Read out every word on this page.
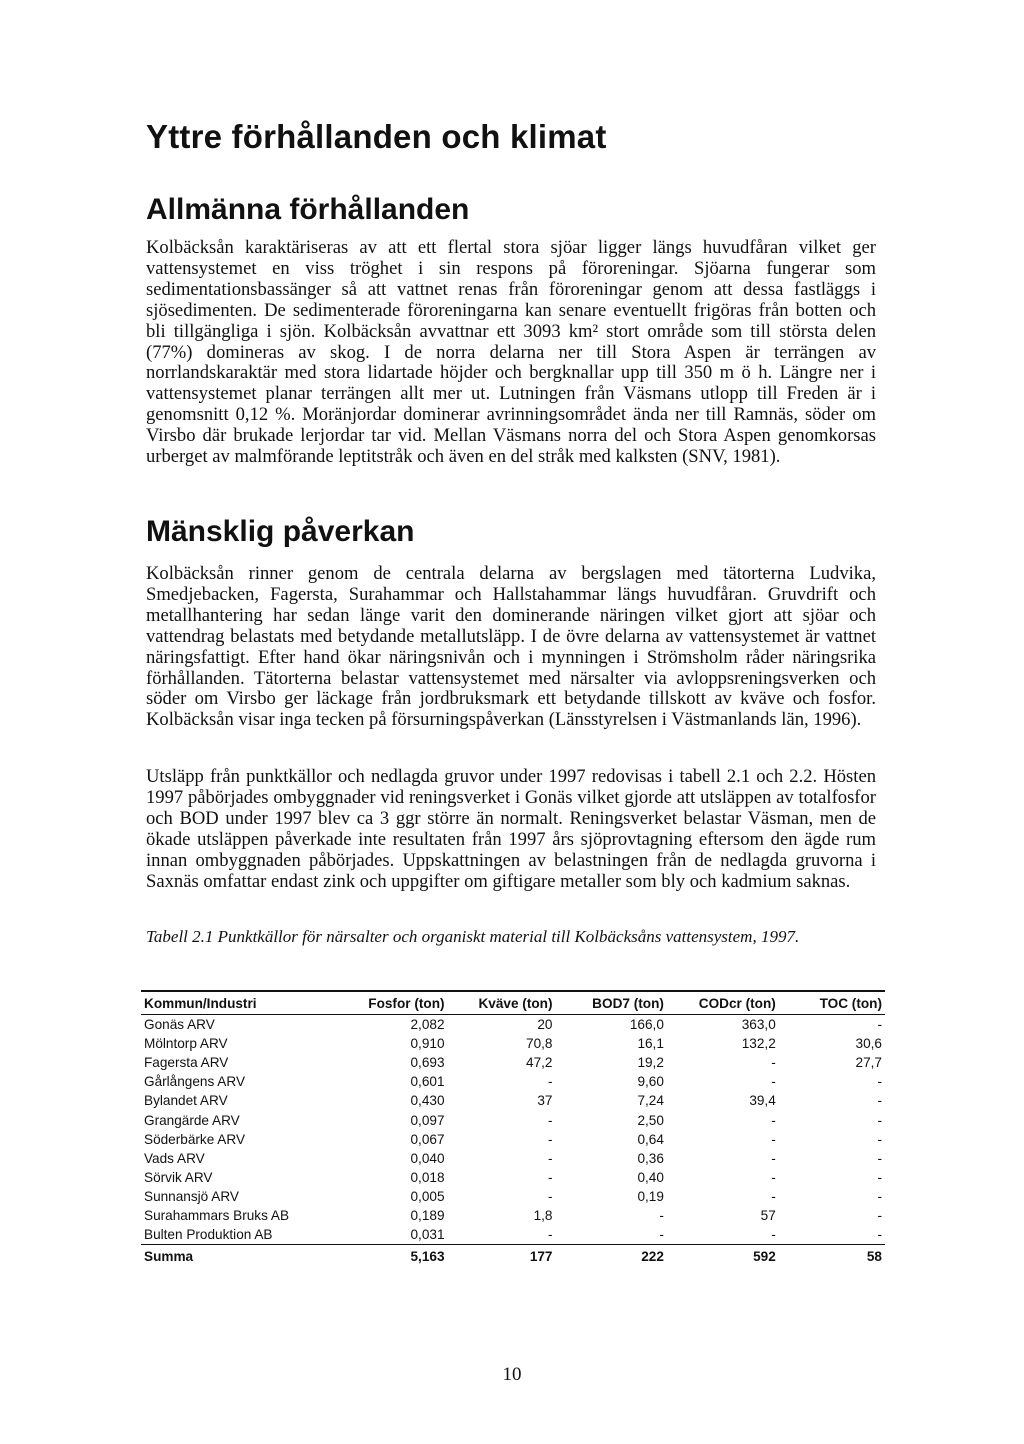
Yttre förhållanden och klimat
Allmänna förhållanden

Kolbäcksån karaktäriseras av att ett flertal stora sjöar ligger längs huvudfåran vilket ger vattensystemet en viss tröghet i sin respons på föroreningar. Sjöarna fungerar som sedimentationsbassänger så att vattnet renas från föroreningar genom att dessa fastläggs i sjösedimenten. De sedimenterade föroreningarna kan senare eventuellt frigöras från botten och bli tillgängliga i sjön. Kolbäcksån avvattnar ett 3093 km² stort område som till största delen (77%) domineras av skog. I de norra delarna ner till Stora Aspen är terrängen av norrlandskaraktär med stora lidartade höjder och bergknallar upp till 350 m ö h. Längre ner i vattensystemet planar terrängen allt mer ut. Lutningen från Väsmans utlopp till Freden är i genomsnitt 0,12 %. Moränjordar dominerar avrinningsområdet ända ner till Ramnäs, söder om Virsbo där brukade lerjordar tar vid. Mellan Väsmans norra del och Stora Aspen genomkorsas urberget av malmförande leptitstråk och även en del stråk med kalksten (SNV, 1981).

Mänsklig påverkan

Kolbäcksån rinner genom de centrala delarna av bergslagen med tätorterna Ludvika, Smedjebacken, Fagersta, Surahammar och Hallstahammar längs huvudfåran. Gruvdrift och metallhantering har sedan länge varit den dominerande näringen vilket gjort att sjöar och vattendrag belastats med betydande metallutsläpp. I de övre delarna av vattensystemet är vattnet näringsfattigt. Efter hand ökar näringsnivån och i mynningen i Strömsholm råder näringsrika förhållanden. Tätorterna belastar vattensystemet med närsalter via avloppsreningsverken och söder om Virsbo ger läckage från jordbruksmark ett betydande tillskott av kväve och fosfor. Kolbäcksån visar inga tecken på försurningspåverkan (Länsstyrelsen i Västmanlands län, 1996).

Utsläpp från punktkällor och nedlagda gruvor under 1997 redovisas i tabell 2.1 och 2.2. Hösten 1997 påbörjades ombyggnader vid reningsverket i Gonäs vilket gjorde att utsläppen av totalfosfor och BOD under 1997 blev ca 3 ggr större än normalt. Reningsverket belastar Väsman, men de ökade utsläppen påverkade inte resultaten från 1997 års sjöprovtagning eftersom den ägde rum innan ombyggnaden påbörjades. Uppskattningen av belastningen från de nedlagda gruvorna i Saxnäs omfattar endast zink och uppgifter om giftigare metaller som bly och kadmium saknas.

Tabell 2.1 Punktkällor för närsalter och organiskt material till Kolbäcksåns vattensystem, 1997.

Kommun/Industri	Fosfor (ton)	Kväve (ton)	BOD7 (ton)	CODcr (ton)	TOC (ton)
Gonäs ARV	2,082	20	166,0	363,0	-
Mölntorp ARV	0,910	70,8	16,1	132,2	30,6
Fagersta ARV	0,693	47,2	19,2	-	27,7
Gårlångens ARV	0,601	-	9,60	-	-
Bylandet ARV	0,430	37	7,24	39,4	-
Grangärde ARV	0,097	-	2,50	-	-
Söderbärke ARV	0,067	-	0,64	-	-
Vads ARV	0,040	-	0,36	-	-
Sörvik ARV	0,018	-	0,40	-	-
Sunnansjö ARV	0,005	-	0,19	-	-
Surahammars Bruks AB	0,189	1,8	-	57	-
Bulten Produktion AB	0,031	-	-	-	-
Summa	5,163	177	222	592	58
10
